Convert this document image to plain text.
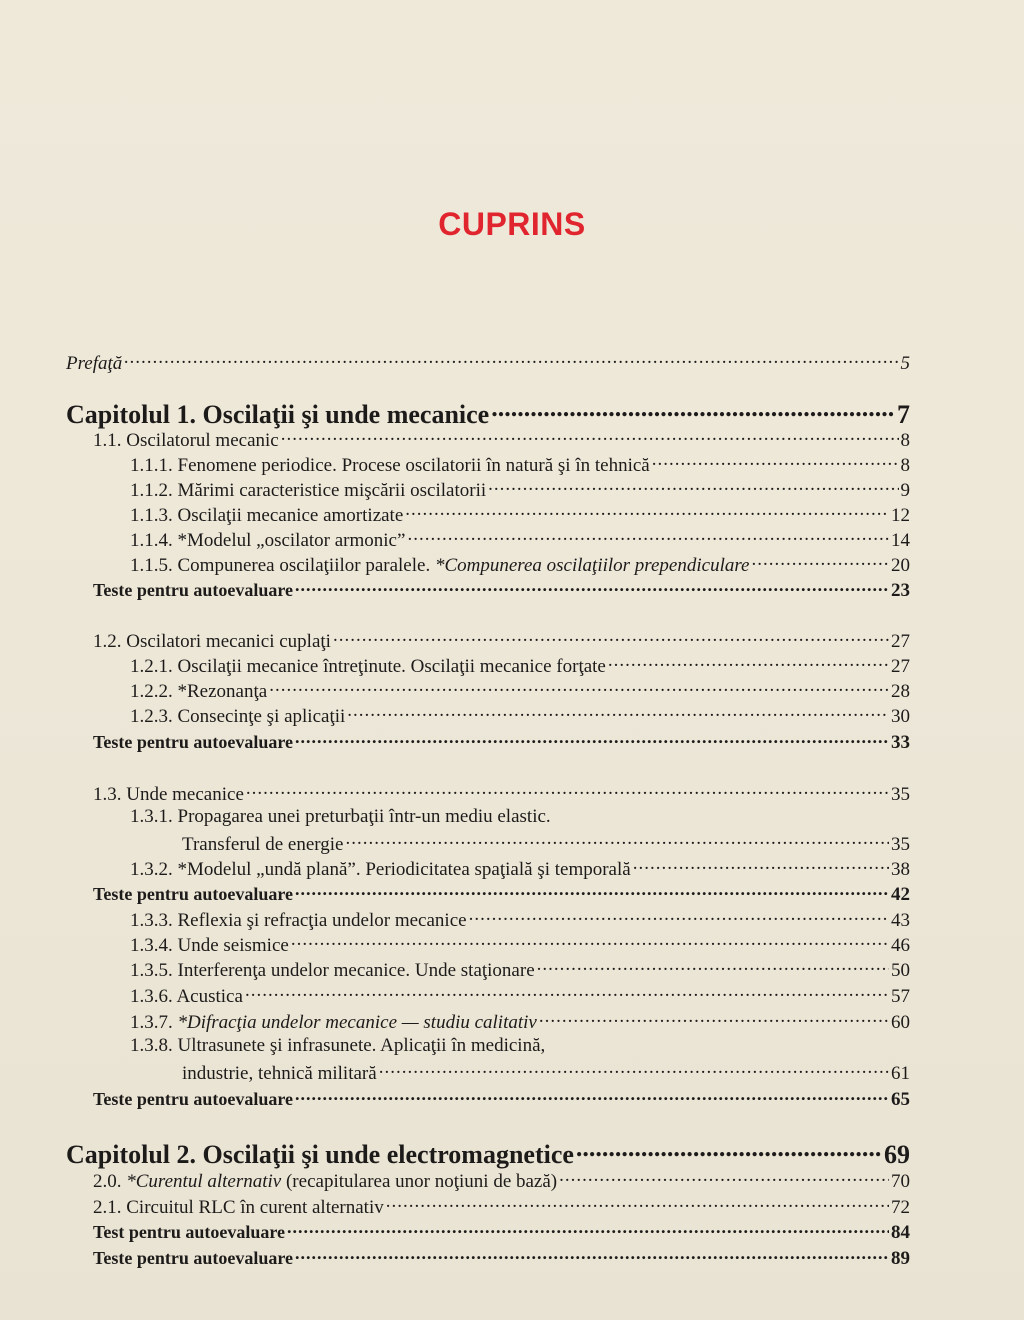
CUPRINS
Prefaţă .....	5
Capitolul 1. Oscilaţii şi unde mecanice .....	7
1.1. Oscilatorul mecanic .....	8
1.1.1. Fenomene periodice. Procese oscilatorii în natură şi în tehnică .....	8
1.1.2. Mărimi caracteristice mişcării oscilatorii .....	9
1.1.3. Oscilaţii mecanice amortizate .....	12
1.1.4. *Modelul „oscilator armonic” .....	14
1.1.5. Compunerea oscilaţiilor paralele. *Compunerea oscilaţiilor prependiculare .....	20
Teste pentru autoevaluare .....	23
1.2. Oscilatori mecanici cuplaţi .....	27
1.2.1. Oscilaţii mecanice întreţinute. Oscilaţii mecanice forţate .....	27
1.2.2. *Rezonanţa .....	28
1.2.3. Consecinţe şi aplicaţii .....	30
Teste pentru autoevaluare .....	33
1.3. Unde mecanice .....	35
1.3.1. Propagarea unei preturbaţii într-un mediu elastic.
Transferul de energie .....	35
1.3.2. *Modelul „undă plană”. Periodicitatea spaţială şi temporală .....	38
Teste pentru autoevaluare .....	42
1.3.3. Reflexia şi refracţia undelor mecanice .....	43
1.3.4. Unde seismice .....	46
1.3.5. Interferenţa undelor mecanice. Unde staţionare .....	50
1.3.6. Acustica .....	57
1.3.7. *Difracţia undelor mecanice — studiu calitativ .....	60
1.3.8. Ultrasunete şi infrasunete. Aplicaţii în medicină,
industrie, tehnică militară .....	61
Teste pentru autoevaluare .....	65
Capitolul 2. Oscilaţii şi unde electromagnetice .....	69
2.0. *Curentul alternativ (recapitularea unor noţiuni de bază) .....	70
2.1. Circuitul RLC în curent alternativ .....	72
Test pentru autoevaluare .....	84
Teste pentru autoevaluare .....	89
